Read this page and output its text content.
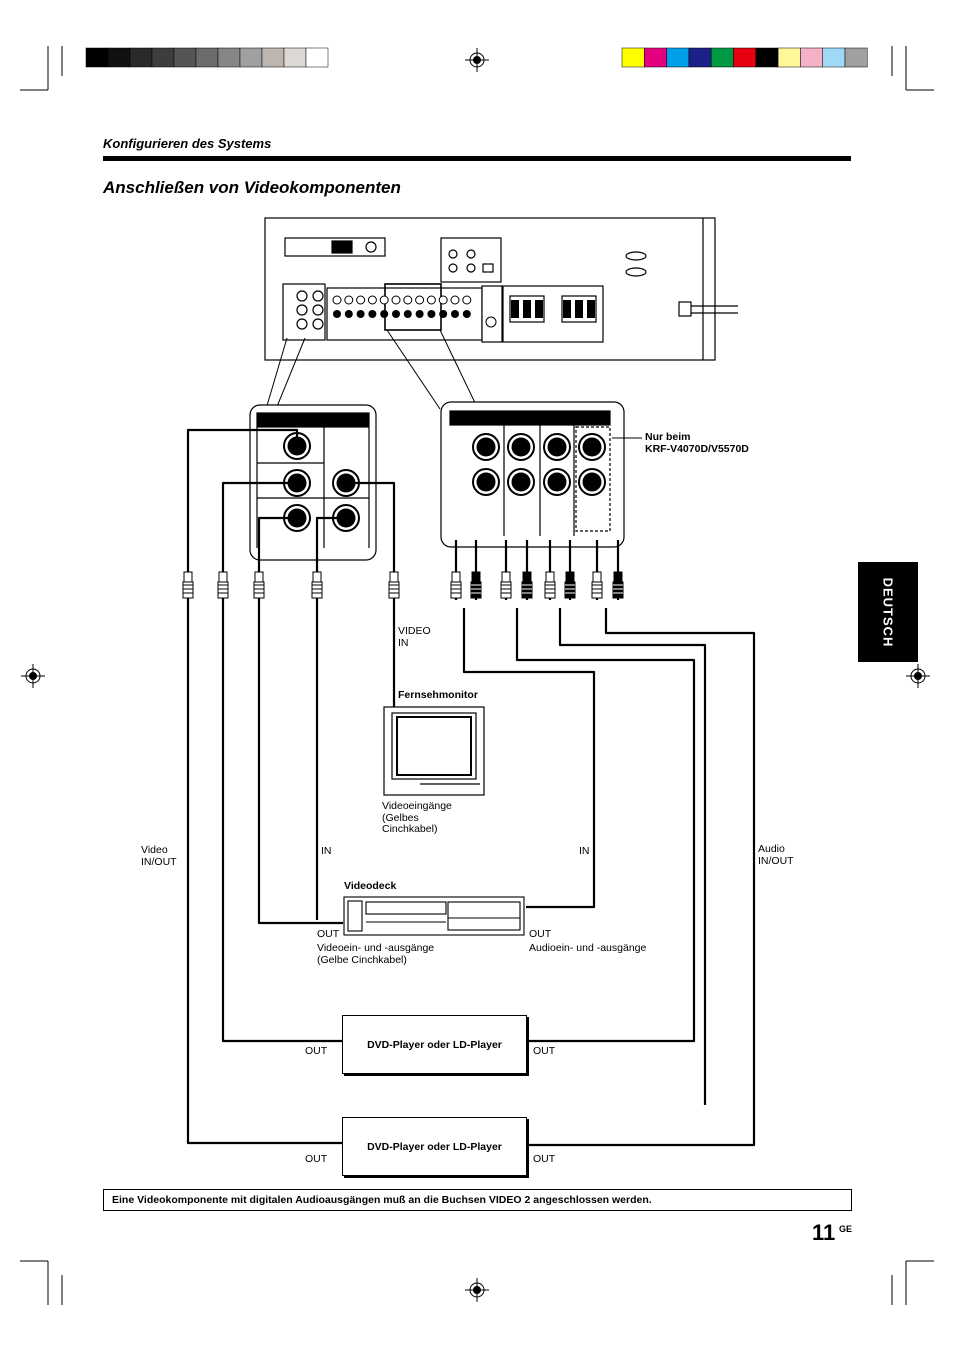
Konfigurieren des Systems
Anschließen von Videokomponenten
Nur beim
KRF-V4070D/V5570D
VIDEO
IN
Fernsehmonitor
Videoeingänge
(Gelbes
Cinchkabel)
Video
IN/OUT
Audio
IN/OUT
IN	IN
Videodeck
OUT	OUT
Videoein- und -ausgänge
(Gelbe Cinchkabel)
Audioein- und -ausgänge
DVD-Player oder LD-Player
OUT	OUT
DVD-Player oder LD-Player
OUT	OUT
DEUTSCH
Eine Videokomponente mit digitalen Audioausgängen muß an die Buchsen VIDEO 2 angeschlossen werden.
11 GE
